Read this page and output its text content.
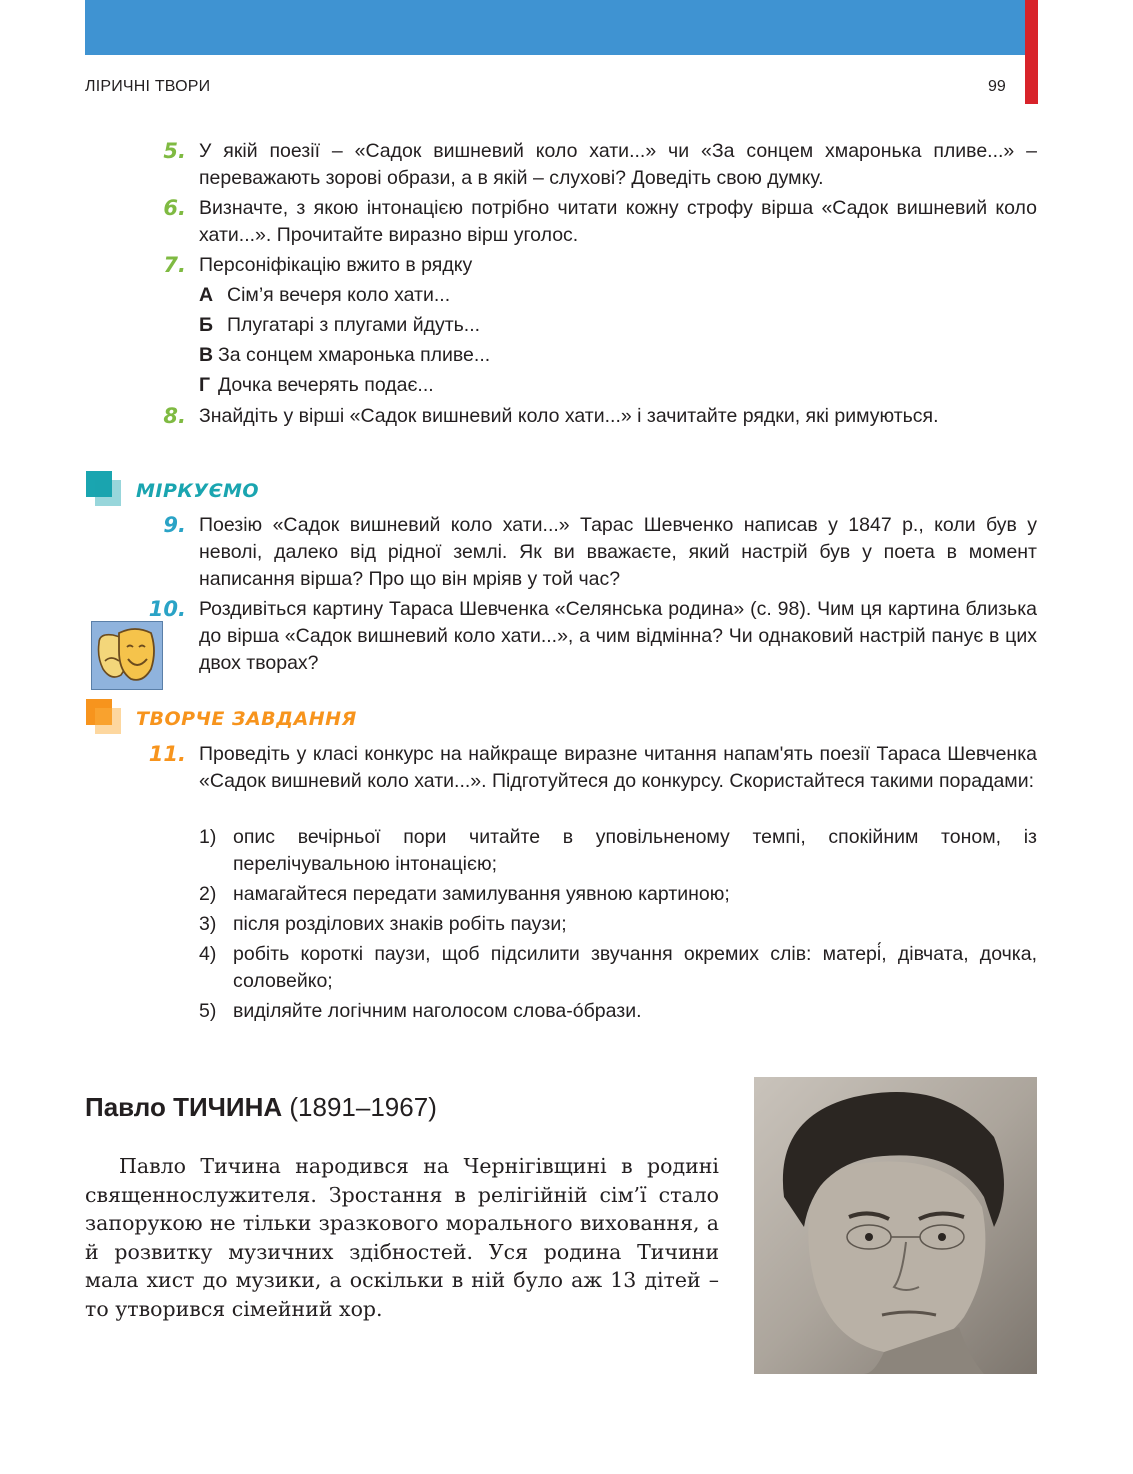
ЛІРИЧНІ ТВОРИ	99
5. У якій поезії – «Садок вишневий коло хати...» чи «За сонцем хмаронька пливе...» – переважають зорові образи, а в якій – слухові? Доведіть свою думку.
6. Визначте, з якою інтонацією потрібно читати кожну строфу вірша «Садок вишневий коло хати...». Прочитайте виразно вірш уголос.
7. Персоніфікацію вжито в рядку
А Сім’я вечеря коло хати...
Б Плугатарі з плугами йдуть...
В За сонцем хмаронька пливе...
Г Дочка вечерять подає...
8. Знайдіть у вірші «Садок вишневий коло хати...» і зачитайте рядки, які римуються.
МІРКУЄМО
9. Поезію «Садок вишневий коло хати...» Тарас Шевченко написав у 1847 р., коли був у неволі, далеко від рідної землі. Як ви вважаєте, який настрій був у поета в момент написання вірша? Про що він мріяв у той час?
10. Роздивіться картину Тараса Шевченка «Селянська родина» (с. 98). Чим ця картина близька до вірша «Садок вишневий коло хати...», а чим відмінна? Чи однаковий настрій панує в цих двох творах?
ТВОРЧЕ ЗАВДАННЯ
11. Проведіть у класі конкурс на найкраще виразне читання напам'ять поезії Тараса Шевченка «Садок вишневий коло хати...». Підготуйтеся до конкурсу. Скористайтеся такими порадами:
1) опис вечірньої пори читайте в уповільненому темпі, спокійним тоном, із перелічувальною інтонацією;
2) намагайтеся передати замилування уявною картиною;
3) після розділових знаків робіть паузи;
4) робіть короткі паузи, щоб підсилити звучання окремих слів: матері́, дівчата, дочка, соловейко;
5) виділяйте логічним наголосом слова-óбрази.
Павло ТИЧИНА (1891–1967)
Павло Тичина народився на Чернігівщині в родині священнослужителя. Зростання в релігійній сім’ї стало запорукою не тільки зразкового морального виховання, а й розвитку музичних здібностей. Уся родина Тичини мала хист до музики, а оскільки в ній було аж 13 дітей – то утворився сімейний хор.
